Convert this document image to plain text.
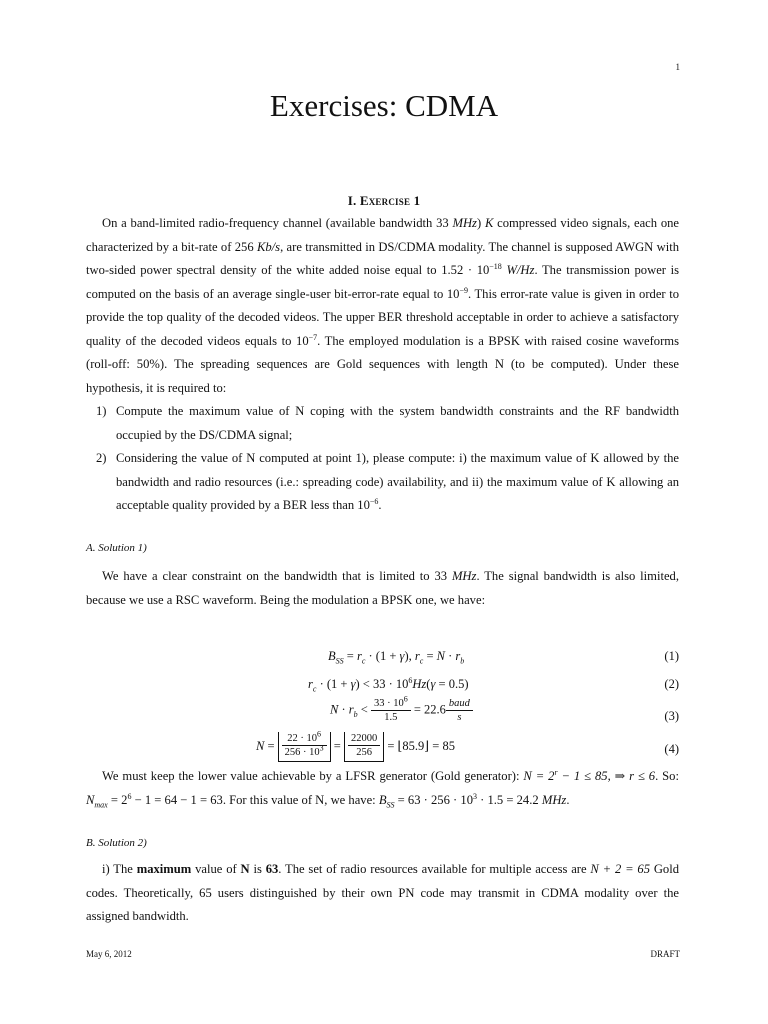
1
Exercises: CDMA
I. Exercise 1

On a band-limited radio-frequency channel (available bandwidth 33 MHz) K compressed video signals, each one characterized by a bit-rate of 256 Kb/s, are transmitted in DS/CDMA modality. The channel is supposed AWGN with two-sided power spectral density of the white added noise equal to $1.52 \cdot 10^{-18}$ W/Hz. The transmission power is computed on the basis of an average single-user bit-error-rate equal to $10^{-9}$. This error-rate value is given in order to provide the top quality of the decoded videos. The upper BER threshold acceptable in order to achieve a satisfactory quality of the decoded videos equals to $10^{-7}$. The employed modulation is a BPSK with raised cosine waveforms (roll-off: 50%). The spreading sequences are Gold sequences with length N (to be computed). Under these hypothesis, it is required to:

1) Compute the maximum value of N coping with the system bandwidth constraints and the RF bandwidth occupied by the DS/CDMA signal;
2) Considering the value of N computed at point 1), please compute: i) the maximum value of K allowed by the bandwidth and radio resources (i.e.: spreading code) availability, and ii) the maximum value of K allowing an acceptable quality provided by a BER less than $10^{-6}$.
A. Solution 1)

We have a clear constraint on the bandwidth that is limited to 33 MHz. The signal bandwidth is also limited, because we use a RSC waveform. Being the modulation a BPSK one, we have:

$B_{SS} = r_c \cdot (1 + \gamma)$, $r_c = N \cdot r_b$	(1)
$r_c \cdot (1 + \gamma) < 33 \cdot 10^6Hz(\gamma = 0.5)$	(2)
$N \cdot r_b < \frac{33 \cdot 10^6}{1.5} = 22.6 \frac{\text{baud}}{s}$	(3)
$N = \frac{22 \cdot 10^6}{256 \cdot 10^3} = \frac{22000}{256}$ = ⌊85.9⌋ = 85	(4)

We must keep the lower value achievable by a LFSR generator (Gold generator): $N = 2^r - 1 \le 85$, ⇒ r ≤ 6. So: $N_{max} = 2^6 - 1 = 64 - 1 = 63$. For this value of N, we have: $B_{SS} = 63 \cdot 256 \cdot 10^3 \cdot 1.5 = 24.2$ MHz.

B. Solution 2)

i) The maximum value of N is 63. The set of radio resources available for multiple access are N + 2 = 65 Gold codes. Theoretically, 65 users distinguished by their own PN code may transmit in CDMA modality over the assigned bandwidth.

May 6, 2012	DRAFT
